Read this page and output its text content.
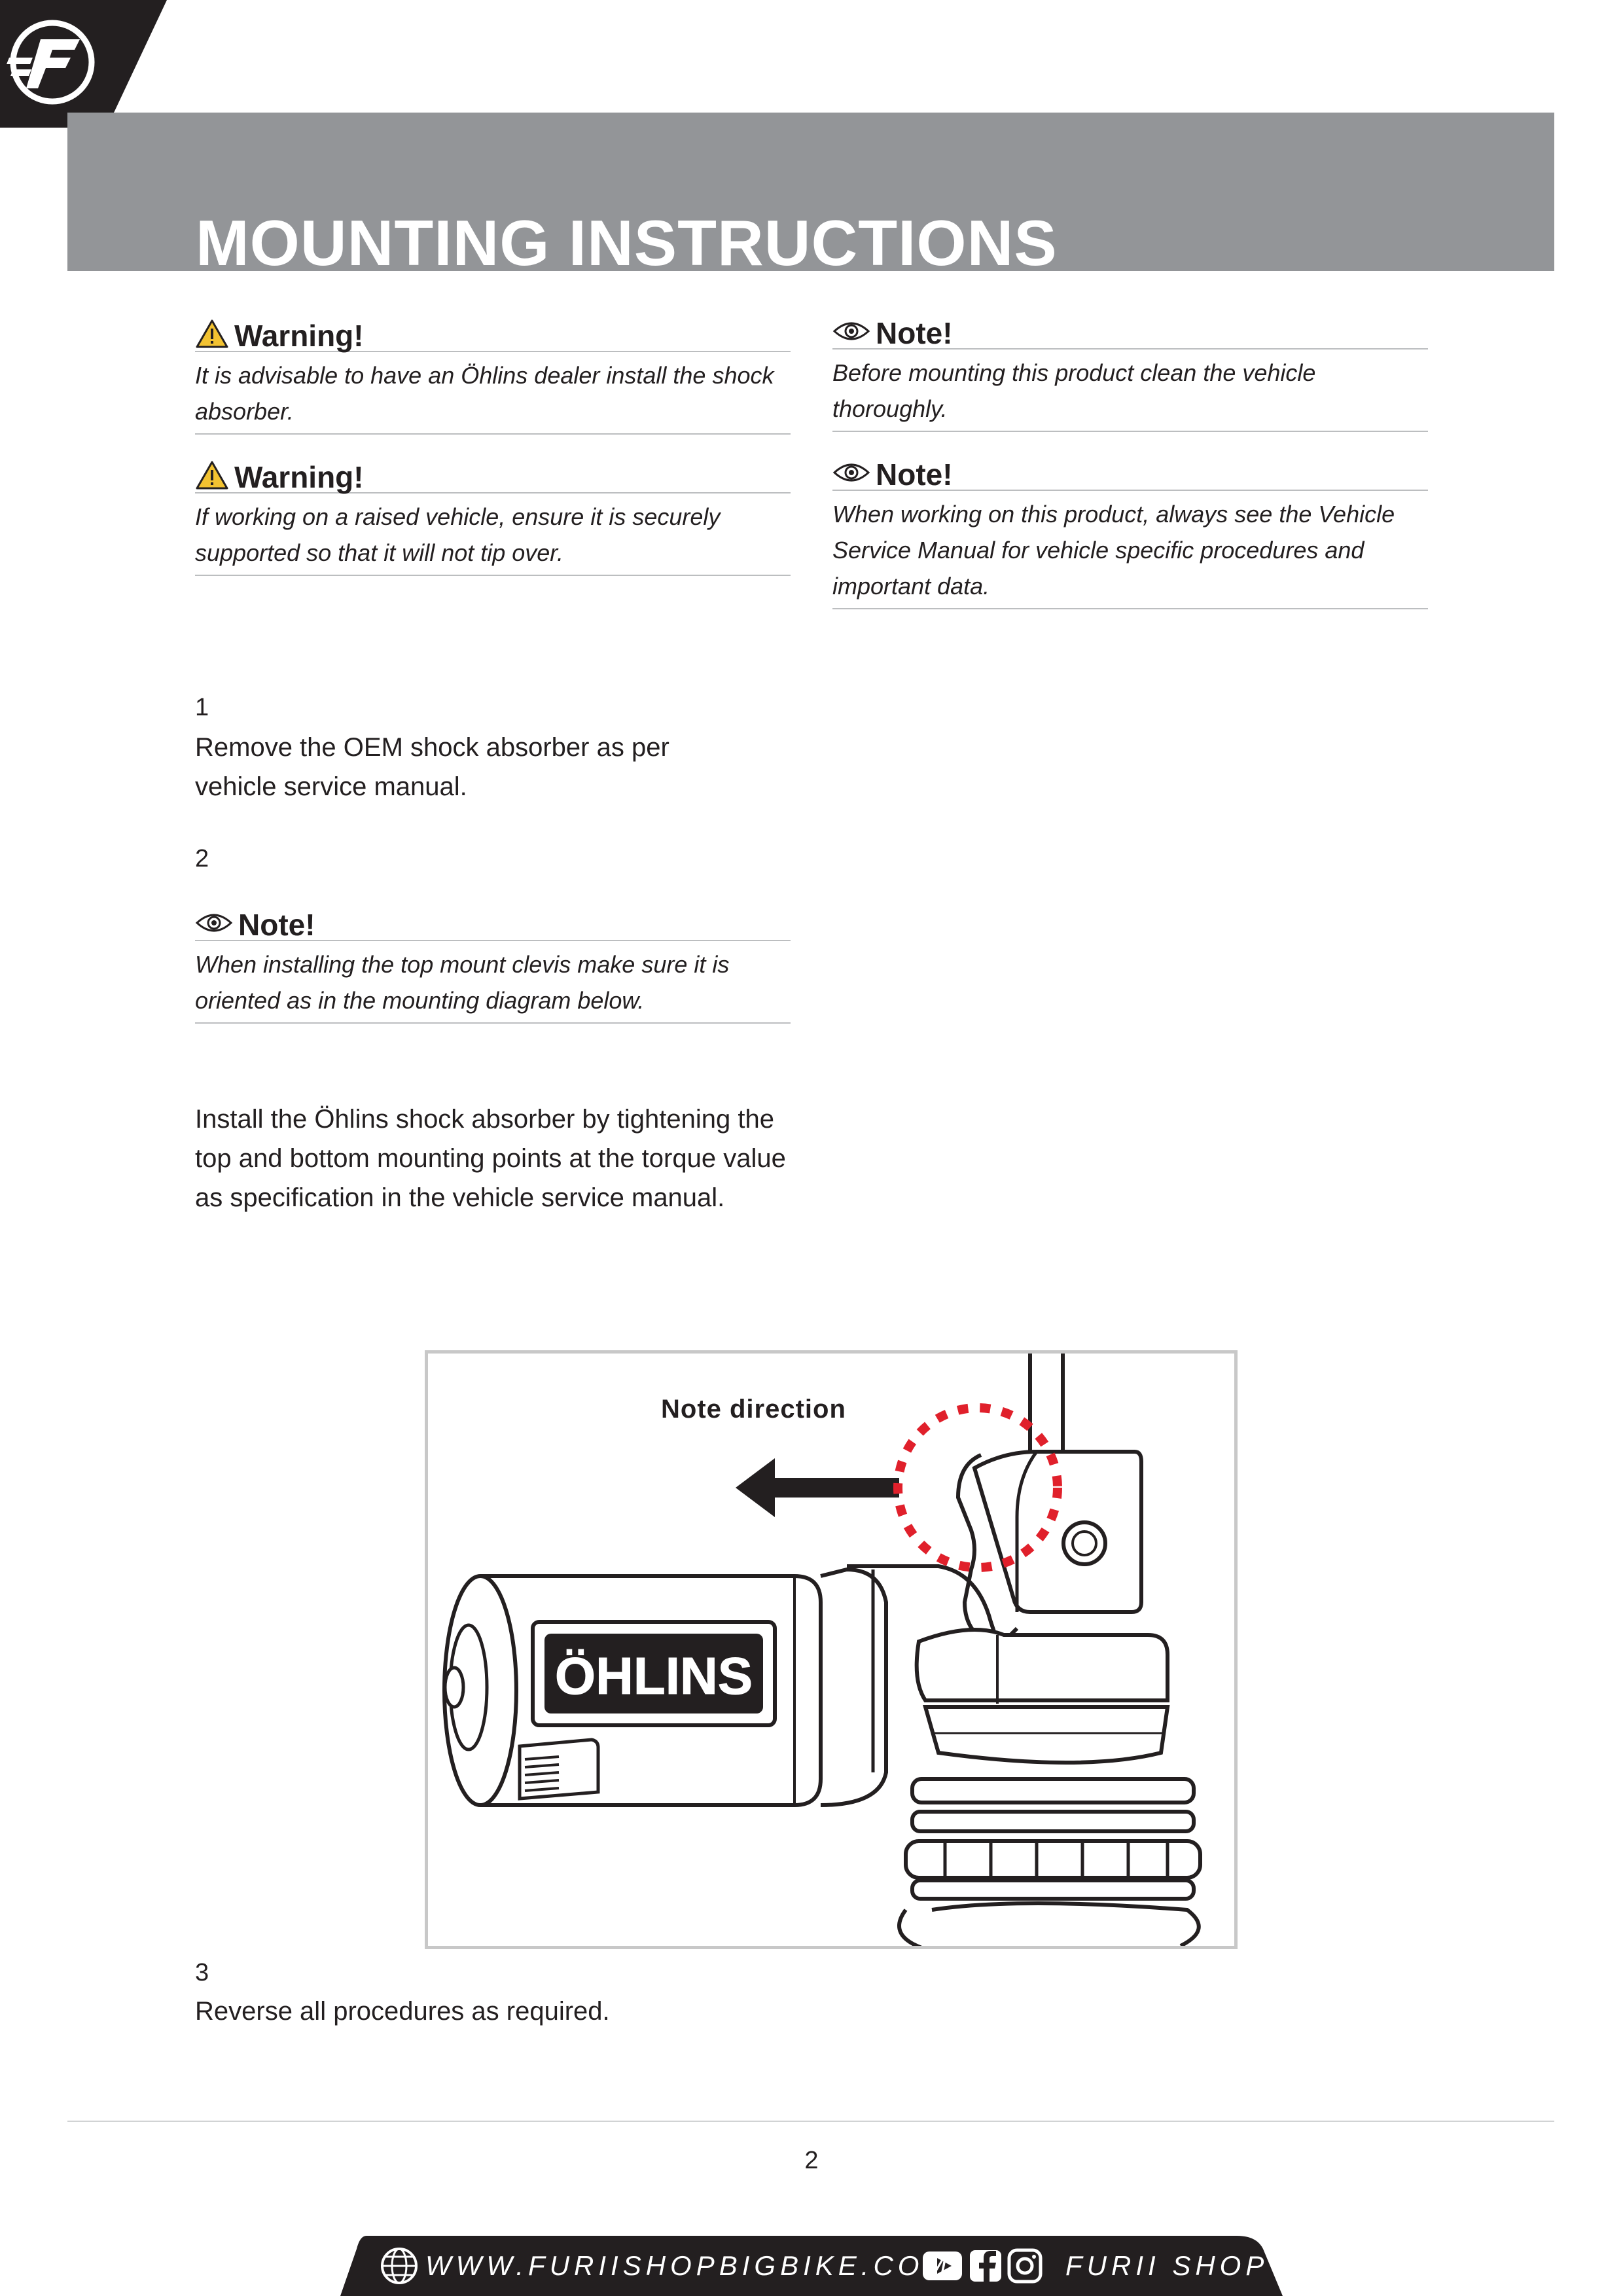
MOUNTING INSTRUCTIONS
Warning!
It is advisable to have an Öhlins dealer install the shock absorber.
Warning!
If working on a raised vehicle, ensure it is securely supported so that it will not tip over.
Note!
Before mounting this product clean the vehicle thoroughly.
Note!
When working on this product, always see the Vehicle Service Manual for vehicle specific procedures and important data.
1
Remove the OEM shock absorber as per vehicle service manual.
2
Note!
When installing the top mount clevis make sure it is oriented as in the mounting diagram below.
Install the Öhlins shock absorber by tightening the top and bottom mounting points at the torque value as specification in the vehicle service manual.
ÖHLINS
Note direction
3
Reverse all procedures as required.
2
WWW.FURIISHOPBIGBIKE.COM	FURII SHOP
